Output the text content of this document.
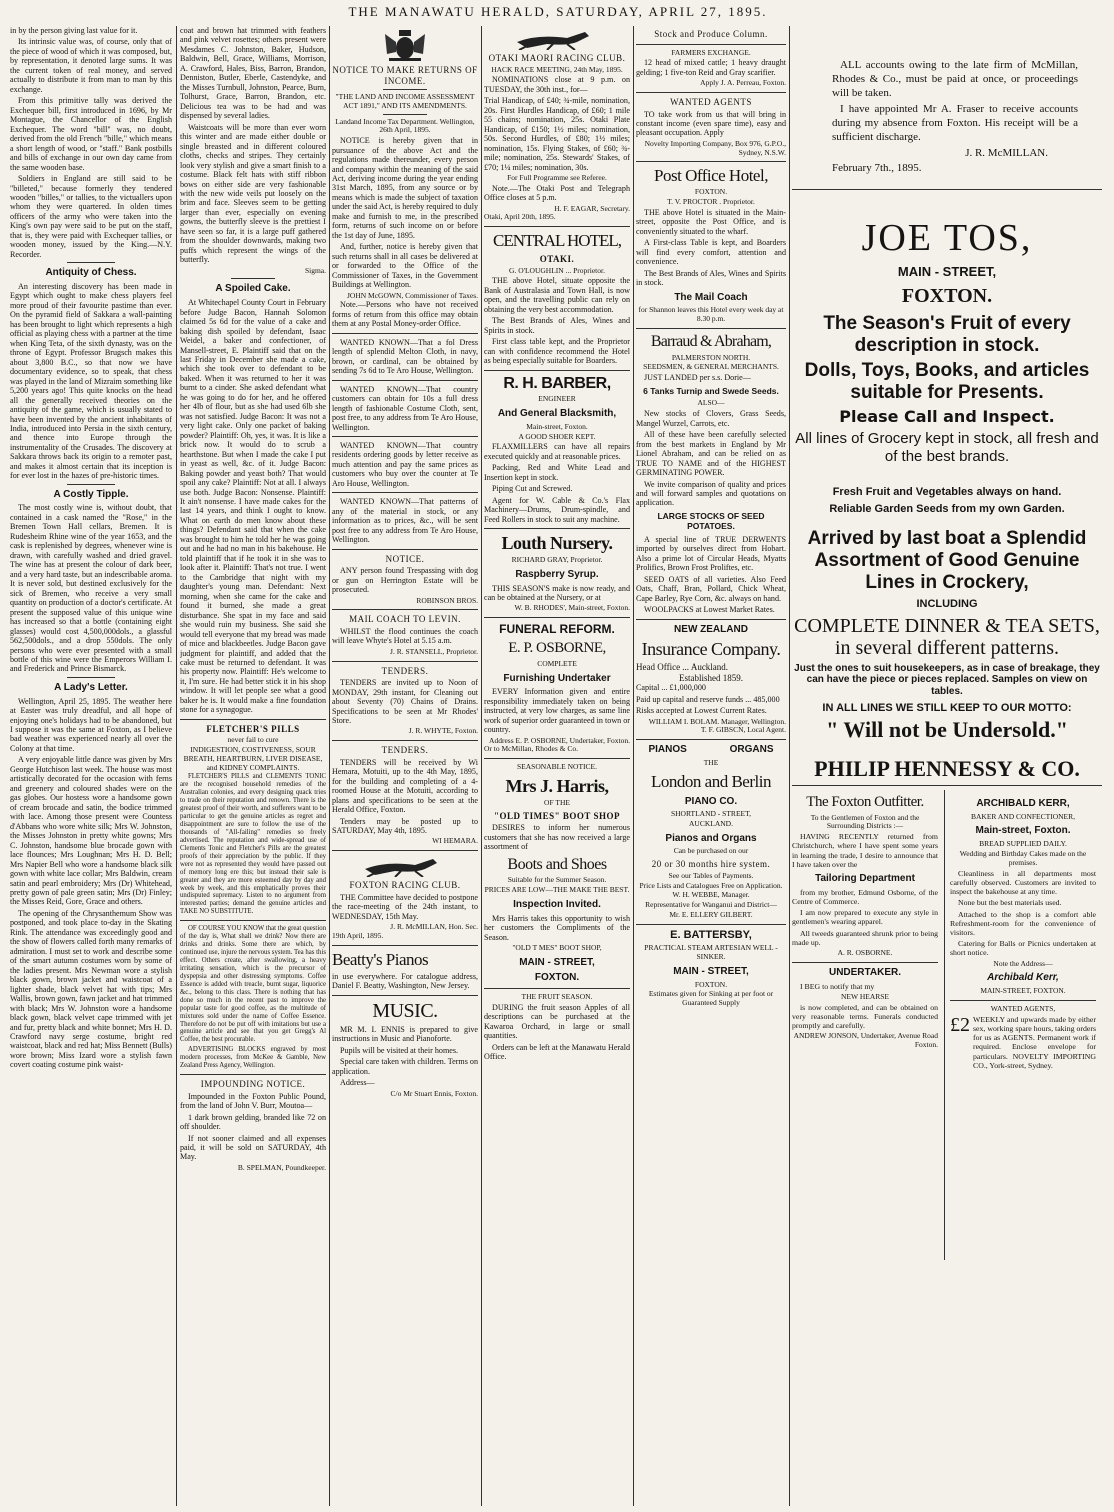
THE MANAWATU HERALD, SATURDAY, APRIL 27, 1895.

in by the person giving last value for it.

Its intrinsic value was, of course, only that of the piece of wood of which it was composed, but, by representation, it denoted large sums. It was the current token of real money, and served actually to distribute it from man to man by this exchange.

From this primitive tally was derived the Exchequer bill, first introduced in 1696, by Mr Montague, the Chancellor of the English Exchequer. The word "bill" was, no doubt, derived from the old French "bille," which means a short length of wood, or "staff." Bank postbills and bills of exchange in our own day came from the same wooden base.

Soldiers in England are still said to be "billeted," because formerly they tendered wooden "billes," or tallies, to the victuallers upon whom they were quartered. In olden times officers of the army who were taken into the King's own pay were said to be put on the staff, that is, they were paid with Exchequer tallies, or wooden money, issued by the King.—N.Y. Recorder.

Antiquity of Chess.

An interesting discovery has been made in Egypt which ought to make chess players feel more proud of their favourite pastime than ever. On the pyramid field of Sakkara a wall-painting has been brought to light which represents a high official as playing chess with a partner at the time when King Teta, of the sixth dynasty, was on the throne of Egypt. Professor Brugsch makes this about 3,800 B.C., so that now we have documentary evidence, so to speak, that chess was played in the land of Mizraim something like 5,200 years ago! This quite knocks on the head all the generally received theories on the antiquity of the game, which is usually stated to have been invented by the ancient inhabitants of India, introduced into Persia in the sixth century, and thence into Europe through the instrumentality of the Crusades. The discovery at Sakkara throws back its origin to a remoter past, and makes it almost certain that its inception is for ever lost in the hazes of pre-historic times.

A Costly Tipple.

The most costly wine is, without doubt, that contained in a cask named the "Rose," in the Bremen Town Hall cellars, Bremen. It is Rudesheim Rhine wine of the year 1653, and the cask is replenished by degrees, whenever wine is drawn, with carefully washed and dried gravel. The wine has at present the colour of dark beer, and a very hard taste, but an indescribable aroma. It is never sold, but destined exclusively for the sick of Bremen, who receive a very small quantity on production of a doctor's certificate. At present the supposed value of this unique wine has increased so that a bottle (containing eight glasses) would cost 4,500,000dols., a glassful 562,500dols., and a drop 550dols. The only persons who were ever presented with a small bottle of this wine were the Emperors William I. and Frederick and Prince Bismarck.

A Lady's Letter.

Wellington, April 25, 1895. The weather here at Easter was truly dreadful, and all hope of enjoying one's holidays had to be abandoned, but I suppose it was the same at Foxton, as I believe bad weather was experienced nearly all over the Colony at that time.

A very enjoyable little dance was given by Mrs George Hutchison last week. The house was most artistically decorated for the occasion with ferns and greenery and coloured shades were on the gas globes. Our hostess wore a handsome gown of cream brocade and satin, the bodice trimmed with lace. Among those present were Countess d'Abbans who wore white silk; Mrs W. Johnston, the Misses Johnston in pretty white gowns; Mrs C. Johnston, handsome blue brocade gown with lace flounces; Mrs Loughnan; Mrs H. D. Bell; Mrs Napier Bell who wore a handsome black silk gown with white lace collar; Mrs Baldwin, cream satin and pearl embroidery; Mrs (Dr) Whitehead, pretty gown of pale green satin; Mrs (Dr) Finley; the Misses Reid, Gore, Grace and others.

The opening of the Chrysanthemum Show was postponed, and took place to-day in the Skating Rink. The attendance was exceedingly good and the show of flowers called forth many remarks of admiration. I must set to work and describe some of the smart autumn costumes worn by some of the ladies present. Mrs Newman wore a stylish black gown, brown jacket and waistcoat of a lighter shade, black velvet hat with tips; Mrs Wallis, brown gown, fawn jacket and hat trimmed with black; Mrs W. Johnston wore a handsome black gown, black velvet cape trimmed with jet and fur, pretty black and white bonnet; Mrs H. D. Crawford navy serge costume, bright red waistcoat, black and red hat; Miss Bennett (Bulls) wore brown; Miss Izard wore a stylish fawn covert coating costume pink waist-

coat and brown hat trimmed with feathers and pink velvet rosettes; others present were Mesdames C. Johnston, Baker, Hudson, Baldwin, Bell, Grace, Williams, Morrison, A. Crawford, Hales, Biss, Barron, Brandon, Denniston, Butler, Eberle, Castendyke, and the Misses Turnbull, Johnston, Pearce, Burn, Tolhurst, Grace, Barron, Brandon, etc. Delicious tea was to be had and was dispensed by several ladies.

Waistcoats will be more than ever worn this winter and are made either double or single breasted and in different coloured cloths, checks and stripes. They certainly look very stylish and give a smart finish to a costume. Black felt hats with stiff ribbon bows on either side are very fashionable with the new wide veils put loosely on the brim and face. Sleeves seem to be getting larger than ever, especially on evening gowns, the butterfly sleeve is the prettiest I have seen so far, it is a large puff gathered from the shoulder downwards, making two puffs which represent the wings of the butterfly.

Sigma.
A Spoiled Cake.

At Whitechapel County Court in February before Judge Bacon, Hannah Solomon claimed 5s 6d for the value of a cake and baking dish spoiled by defendant, Isaac Weidel, a baker and confectioner, of Mansell-street, E. Plaintiff said that on the last Friday in December she made a cake, which she took over to defendant to be baked. When it was returned to her it was burnt to a cinder. She asked defendant what he was going to do for her, and he offered her 4lb of flour, but as she had used 6lb she was not satisfied. Judge Bacon: It was not a very light cake. Only one packet of baking powder? Plaintiff: Oh, yes, it was. It is like a brick now. It would do to scrub a hearthstone. But when I made the cake I put in yeast as well, &c. of it. Judge Bacon: Baking powder and yeast both? That would spoil any cake? Plaintiff: Not at all. I always use both. Judge Bacon: Nonsense. Plaintiff: It ain't nonsense. I have made cakes for the last 14 years, and think I ought to know. What on earth do men know about these things? Defendant said that when the cake was brought to him he told her he was going out and he had no man in his bakehouse. He told plaintiff that if he took it in she was to look after it. Plaintiff: That's not true. I went to the Cambridge that night with my daughter's young man. Defendant: Next morning, when she came for the cake and found it burned, she made a great disturbance. She spat in my face and said she would ruin my business. She said she would tell everyone that my bread was made of mice and blackbeetles. Judge Bacon gave judgment for plaintiff, and added that the cake must be returned to defendant. It was his property now. Plaintiff: He's welcome to it, I'm sure. He had better stick it in his shop window. It will let people see what a good baker he is. It would make a fine foundation stone for a synagogue.

FLETCHER'S PILLS
never fail to cure
INDIGESTION, COSTIVENESS, SOUR BREATH, HEARTBURN, LIVER DISEASE, and KIDNEY COMPLAINTS.

FLETCHER'S PILLS and CLEMENTS TONIC are the recognised household remedies of the Australian colonies, and every designing quack tries to trade on their reputation and renown. There is the greatest proof of their worth, and sufferers want to be particular to get the genuine articles as regret and disappointment are sure to follow the use of the thousands of "All-failing" remedies so freely advertised. The reputation and wide-spread use of Clements Tonic and Fletcher's Pills are the greatest proofs of their appreciation by the public. If they were not as represented they would have passed out of memory long ere this; but instead their sale is greater and they are more esteemed day by day and week by week, and this emphatically proves their undisputed supremacy. Listen to no argument from interested parties; demand the genuine articles and TAKE NO SUBSTITUTE.

OF COURSE YOU KNOW that the great question of the day is, What shall we drink? Now there are drinks and drinks. Some there are which, by continued use, injure the nervous system. Tea has this effect. Others create, after swallowing, a heavy irritating sensation, which is the precursor of dyspepsia and other distressing symptoms. Coffee Essence is added with treacle, burnt sugar, liquorice &c., belong to this class. There is nothing that has done so much in the recent past to improve the popular taste for good coffee, as the multitude of mixtures sold under the name of Coffee Essence. Therefore do not be put off with imitations but use a genuine article and see that you get Gregg's Al Coffee, the best procurable.

ADVERTISING BLOCKS engraved by most modern processes, from McKee & Gamble, New Zealand Press Agency, Wellington.

IMPOUNDING NOTICE.

Impounded in the Foxton Public Pound, from the land of John V. Burr, Moutoa—

1 dark brown gelding, branded like 72 on off shoulder.

If not sooner claimed and all expenses paid, it will be sold on SATURDAY, 4th May.

B. SPELMAN, Poundkeeper.
NOTICE TO MAKE RETURNS OF INCOME.
"THE LAND AND INCOME ASSESSMENT ACT 1891," AND ITS AMENDMENTS.
Landand Income Tax Department. Wellington, 26th April, 1895.

NOTICE is hereby given that in pursuance of the above Act and the regulations made thereunder, every person and company within the meaning of the said Act, deriving income during the year ending 31st March, 1895, from any source or by means which is made the subject of taxation under the said Act, is hereby required to duly make and furnish to me, in the prescribed form, returns of such income on or before the 1st day of June, 1895.

And, further, notice is hereby given that such returns shall in all cases be delivered at or forwarded to the Office of the Commissioner of Taxes, in the Government Buildings at Wellington.

JOHN McGOWN, Commissioner of Taxes.

Note.—Persons who have not received forms of return from this office may obtain them at any Postal Money-order Office.

WANTED KNOWN—That a fol Dress length of splendid Melton Cloth, in navy, brown, or cardinal, can be obtained by sending 7s 6d to Te Aro House, Wellington.

WANTED KNOWN—That country customers can obtain for 10s a full dress length of fashionable Costume Cloth, sent, post free, to any address from Te Aro House, Wellington.

WANTED KNOWN—That country residents ordering goods by letter receive as much attention and pay the same prices as customers who buy over the counter at Te Aro House, Wellington.

WANTED KNOWN—That patterns of any of the material in stock, or any information as to prices, &c., will be sent post free to any address from Te Aro House, Wellington.

NOTICE.

ANY person found Trespassing with dog or gun on Herrington Estate will be prosecuted.

ROBINSON BROS.
MAIL COACH TO LEVIN.

WHILST the flood continues the coach will leave Whyte's Hotel at 5.15 a.m.

J. R. STANSELL, Proprietor.
TENDERS.

TENDERS are invited up to Noon of MONDAY, 29th instant, for Cleaning out about Seventy (70) Chains of Drains. Specifications to be seen at Mr Rhodes' Store.

J. R. WHYTE, Foxton.
TENDERS.

TENDERS will be received by Wi Hemara, Motuiti, up to the 4th May, 1895, for the building and completing of a 4-roomed House at the Motuiti, according to plans and specifications to be seen at the Herald Office, Foxton.

Tenders may be posted up to SATURDAY, May 4th, 1895.

WI HEMARA.
FOXTON RACING CLUB.

THE Committee have decided to postpone the race-meeting of the 24th instant, to WEDNESDAY, 15th May.

J. R. McMILLAN, Hon. Sec.
19th April, 1895.
Beatty's Pianos

in use everywhere. For catalogue address, Daniel F. Beatty, Washington, New Jersey.

MUSIC.

MR M. I. ENNIS is prepared to give instructions in Music and Pianoforte.

Pupils will be visited at their homes.

Special care taken with children. Terms on application.

Address—

C/o Mr Stuart Ennis, Foxton.
OTAKI MAORI RACING CLUB.
HACK RACE MEETING, 24th May, 1895.

NOMINATIONS close at 9 p.m. on TUESDAY, the 30th inst., for—

Trial Handicap, of £40; ¾-mile, nomination, 20s. First Hurdles Handicap, of £60; 1 mile 55 chains; nomination, 25s. Otaki Plate Handicap, of £150; 1½ miles; nomination, 50s. Second Hurdles, of £80; 1½ miles; nomination, 15s. Flying Stakes, of £60; ¾-mile; nomination, 25s. Stewards' Stakes, of £70; 1¼ miles; nomination, 30s.

For Full Programme see Referee.

Note.—The Otaki Post and Telegraph Office closes at 5 p.m.

H. F. EAGAR, Secretary.
Otaki, April 20th, 1895.
CENTRAL HOTEL,
OTAKI.
G. O'LOUGHLIN ... Proprietor.

THE above Hotel, situate opposite the Bank of Australasia and Town Hall, is now open, and the travelling public can rely on obtaining the very best accommodation.

The Best Brands of Ales, Wines and Spirits in stock.

First class table kept, and the Proprietor can with confidence recommend the Hotel as being especially suitable for Boarders.

R. H. BARBER,
ENGINEER
And General Blacksmith,
Main-street, Foxton.
A GOOD SHOER KEPT.

FLAXMILLERS can have all repairs executed quickly and at reasonable prices.

Packing, Red and White Lead and Insertion kept in stock.

Piping Cut and Screwed.

Agent for W. Cable & Co.'s Flax Machinery—Drums, Drum-spindle, and Feed Rollers in stock to suit any machine.

Louth Nursery.
RICHARD GRAY, Proprietor.
Raspberry Syrup.

THIS SEASON'S make is now ready, and can be obtained at the Nursery, or at

W. B. RHODES', Main-street, Foxton.
FUNERAL REFORM.
E. P. OSBORNE,
COMPLETE
Furnishing Undertaker

EVERY Information given and entire responsibility immediately taken on being instructed, at very low charges, as same line work of superior order guaranteed in town or country.

Address E. P. OSBORNE, Undertaker, Foxton.
Or to McMillan, Rhodes & Co.
SEASONABLE NOTICE.
Mrs J. Harris,
OF THE
"OLD TIMES" BOOT SHOP

DESIRES to inform her numerous customers that she has now received a large assortment of

Boots and Shoes
Suitable for the Summer Season.
PRICES ARE LOW—THE MAKE THE BEST.
Inspection Invited.

Mrs Harris takes this opportunity to wish her customers the Compliments of the Season.

"OLD T MES" BOOT SHOP,
MAIN - STREET,
FOXTON.
THE FRUIT SEASON.

DURING the fruit season Apples of all descriptions can be purchased at the Kawaroa Orchard, in large or small quantities.

Orders can be left at the Manawatu Herald Office.

Stock and Produce Column.
FARMERS EXCHANGE.

12 head of mixed cattle; 1 heavy draught gelding; 1 five-ton Reid and Gray scarifier.

Apply J. A. Perreau, Foxton.
WANTED AGENTS

TO take work from us that will bring in constant income (even spare time), easy and pleasant occupation. Apply

Novelty Importing Company, Box 976, G.P.O., Sydney, N.S.W.
Post Office Hotel,
FOXTON.
T. V. PROCTOR . Proprietor.

THE above Hotel is situated in the Main-street, opposite the Post Office, and is conveniently situated to the wharf.

A First-class Table is kept, and Boarders will find every comfort, attention and convenience.

The Best Brands of Ales, Wines and Spirits in stock.

The Mail Coach
for Shannon leaves this Hotel every week day at 8.30 p.m.
Barraud & Abraham,
PALMERSTON NORTH.
SEEDSMEN, & GENERAL MERCHANTS.

JUST LANDED per s.s. Dorie—

6 Tanks Turnip and Swede Seeds.
ALSO—

New stocks of Clovers, Grass Seeds, Mangel Wurzel, Carrots, etc.

All of these have been carefully selected from the best markets in England by Mr Lionel Abraham, and can be relied on as TRUE TO NAME and of the HIGHEST GERMINATING POWER.

We invite comparison of quality and prices and will forward samples and quotations on application.

LARGE STOCKS OF SEED POTATOES.

A special line of TRUE DERWENTS imported by ourselves direct from Hobart. Also a prime lot of Circular Heads, Myatts Prolifics, Brown Frost Proliftes, etc.

SEED OATS of all varieties. Also Feed Oats, Chaff, Bran, Pollard, Chick Wheat, Cape Barley, Rye Corn, &c. always on hand.

WOOLPACKS at Lowest Market Rates.

NEW ZEALAND
Insurance Company.
Head Office ... Auckland.
Established 1859.

Capital ... £1,000,000

Paid up capital and reserve funds ... 485,000

Risks accepted at Lowest Current Rates.

WILLIAM I. BOLAM. Manager, Wellington.
T. F. GIBSCN, Local Agent.
PIANOS ORGANS
THE
London and Berlin
PIANO CO.
SHORTLAND - STREET,
AUCKLAND.
Pianos and Organs
Can be purchased on our
20 or 30 months hire system.
See our Tables of Payments.
Price Lists and Catalogues Free on Application.
W. H. WEBBE, Manager.
Representative for Wanganui and District—
Mr. E. ELLERY GILBERT.
E. BATTERSBY,
PRACTICAL STEAM ARTESIAN WELL - SINKER.
MAIN - STREET,
FOXTON.
Estimates given for Sinking at per foot or Guaranteed Supply

ALL accounts owing to the late firm of McMillan, Rhodes & Co., must be paid at once, or proceedings will be taken.

I have appointed Mr A. Fraser to receive accounts during my absence from Foxton. His receipt will be a sufficient discharge.

J. R. McMILLAN.
February 7th., 1895.
JOE TOS,
MAIN - STREET,
FOXTON.
The Season's Fruit of every description in stock.
Dolls, Toys, Books, and articles suitable for Presents.
Please Call and Inspect.
All lines of Grocery kept in stock, all fresh and of the best brands.
Fresh Fruit and Vegetables always on hand.
Reliable Garden Seeds from my own Garden.
Arrived by last boat a Splendid Assortment of Good Genuine Lines in Crockery,
INCLUDING
COMPLETE DINNER & TEA SETS, in several different patterns.
Just the ones to suit housekeepers, as in case of breakage, they can have the piece or pieces replaced. Samples on view on tables.
IN ALL LINES WE STILL KEEP TO OUR MOTTO:
" Will not be Undersold."
PHILIP HENNESSY & CO.
The Foxton Outfitter.
To the Gentlemen of Foxton and the Surrounding Districts :—

HAVING RECENTLY returned from Christchurch, where I have spent some years in learning the trade, I desire to announce that I have taken over the

Tailoring Department

from my brother, Edmund Osborne, of the Centre of Commerce.

I am now prepared to execute any style in gentlemen's wearing apparel.

All tweeds guaranteed shrunk prior to being made up.

A. R. OSBORNE.
UNDERTAKER.

I BEG to notify that my

NEW HEARSE

is now completed, and can be obtained on very reasonable terms. Funerals conducted promptly and carefully.

ANDREW JONSON, Undertaker, Avenue Road Foxton.
ARCHIBALD KERR,
BAKER AND CONFECTIONER,
Main-street, Foxton.
BREAD SUPPLIED DAILY.
Wedding and Birthday Cakes made on the premises.

Cleanliness in all departments most carefully observed. Customers are invited to inspect the bakehouse at any time.

None but the best materials used.

Attached to the shop is a comfort able Refreshment-room for the convenience of visitors.

Catering for Balls or Picnics undertaken at short notice.

Note the Address—
Archibald Kerr,
MAIN-STREET, FOXTON.
WANTED AGENTS,
£2 WEEKLY and upwards made by either sex, working spare hours, taking orders for us as AGENTS. Permanent work if required. Enclose envelope for particulars. NOVELTY IMPORTING CO., York-street, Sydney.
